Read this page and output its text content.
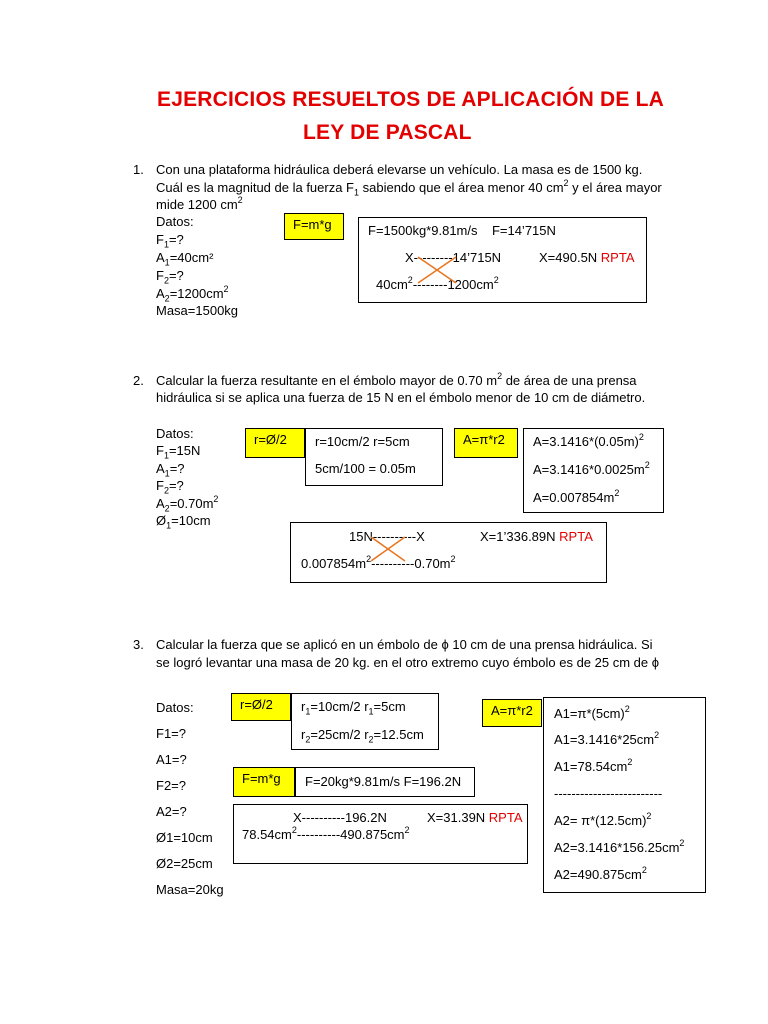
EJERCICIOS RESUELTOS DE APLICACIÓN DE LA
LEY DE PASCAL
1. Con una plataforma hidráulica deberá elevarse un vehículo. La masa es de 1500 kg.
Cuál es la magnitud de la fuerza $F_1$ sabiendo que el área menor 40 $cm^2$ y el área mayor
mide 1200 $cm^2$
Datos:
$F_1=$?
$A_1=40cm^2$
$F_2=$?
$A_2=1200cm^2$
Masa=1500kg
F=m*g	F=1500kg*9.81m/s F=14’715N
X---------14’715N	X=490.5N RPTA
$40cm^2--------1200cm^2$
2. Calcular la fuerza resultante en el émbolo mayor de 0.70 $m^2$ de área de una prensa
hidráulica si se aplica una fuerza de 15 N en el émbolo menor de 10 cm de diámetro.
Datos:
$F_1=15N$
$A_1=$?
$F_2=$?
$A_2=0.70m^2$
$Ø_1=10cm$
r=Ø/2	r=10cm/2 r=5cm
5cm/100 = 0.05m
A=π*r2	$A=3.1416*(0.05m)^2$
$A=3.1416*0.0025m^2$
$A=0.007854m^2$
15N----------X	X=1’336.89N RPTA
$0.007854m^2----------0.70m^2$
3. Calcular la fuerza que se aplicó en un émbolo de ϕ 10 cm de una prensa hidráulica. Si
se logró levantar una masa de 20 kg. en el otro extremo cuyo émbolo es de 25 cm de ϕ
Datos:
F1=?
A1=?
F2=?
A2=?
Ø1=10cm
Ø2=25cm
Masa=20kg
r=Ø/2	$r_1=10cm/2$ $r_1=5cm$
$r_2=25cm/2$ $r_2=12.5cm$
F=m*g	F=20kg*9.81m/s F=196.2N
A=π*r2	$A1=\pi*(5cm)^2$
$A1=3.1416*25cm^2$
$A1=78.54cm^2$
-------------------------
$A2= \pi*(12.5cm)^2$
$A2=3.1416*156.25cm^2$
$A2=490.875cm^2$
X----------196.2N	X=31.39N RPTA
$78.54cm^2----------490.875cm^2$
